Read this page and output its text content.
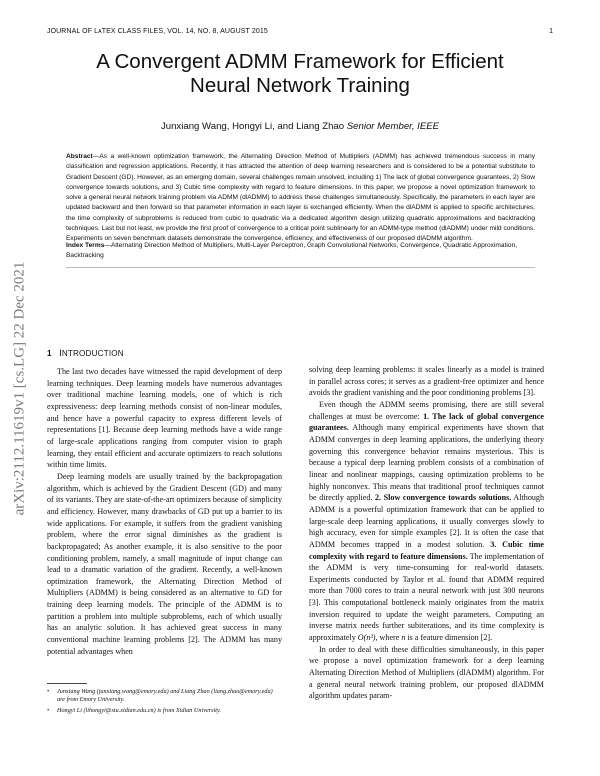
JOURNAL OF LᴀTEX CLASS FILES, VOL. 14, NO. 8, AUGUST 2015	1
arXiv:2112.11619v1 [cs.LG] 22 Dec 2021
A Convergent ADMM Framework for Efficient
Neural Network Training
Junxiang Wang, Hongyi Li, and Liang Zhao Senior Member, IEEE
Abstract—As a well-known optimization framework, the Alternating Direction Method of Multipliers (ADMM) has achieved tremendous success in many classification and regression applications. Recently, it has attracted the attention of deep learning researchers and is considered to be a potential substitute to Gradient Descent (GD). However, as an emerging domain, several challenges remain unsolved, including 1) The lack of global convergence guarantees, 2) Slow convergence towards solutions, and 3) Cubic time complexity with regard to feature dimensions. In this paper, we propose a novel optimization framework to solve a general neural network training problem via ADMM (dlADMM) to address these challenges simultaneously. Specifically, the parameters in each layer are updated backward and then forward so that parameter information in each layer is exchanged efficiently. When the dlADMM is applied to specific architectures, the time complexity of subproblems is reduced from cubic to quadratic via a dedicated algorithm design utilizing quadratic approximations and backtracking techniques. Last but not least, we provide the first proof of convergence to a critical point sublinearly for an ADMM-type method (dlADMM) under mild conditions. Experiments on seven benchmark datasets demonstrate the convergence, efficiency, and effectiveness of our proposed dlADMM algorithm.
Index Terms—Alternating Direction Method of Multipliers, Multi-Layer Perceptron, Graph Convolutional Networks, Convergence, Quadratic Approximation, Backtracking
1 INTRODUCTION

The last two decades have witnessed the rapid development of deep learning techniques. Deep learning models have numerous advantages over traditional machine learning models, one of which is rich expressiveness: deep learning methods consist of non-linear modules, and hence have a powerful capacity to express different levels of representations [1]. Because deep learning methods have a wide range of large-scale applications ranging from computer vision to graph learning, they entail efficient and accurate optimizers to reach solutions within time limits.

Deep learning models are usually trained by the backpropagation algorithm, which is achieved by the Gradient Descent (GD) and many of its variants. They are state-of-the-art optimizers because of simplicity and efficiency. However, many drawbacks of GD put up a barrier to its wide applications. For example, it suffers from the gradient vanishing problem, where the error signal diminishes as the gradient is backpropagated; As another example, it is also sensitive to the poor conditioning problem, namely, a small magnitude of input change can lead to a dramatic variation of the gradient. Recently, a well-known optimization framework, the Alternating Direction Method of Multipliers (ADMM) is being considered as an alternative to GD for training deep learning models. The principle of the ADMM is to partition a problem into multiple subproblems, each of which usually has an analytic solution. It has achieved great success in many conventional machine learning problems [2]. The ADMM has many potential advantages when

solving deep learning problems: it scales linearly as a model is trained in parallel across cores; it serves as a gradient-free optimizer and hence avoids the gradient vanishing and the poor conditioning problems [3].

Even though the ADMM seems promising, there are still several challenges at must be overcome: 1. The lack of global convergence guarantees. Although many empirical experiments have shown that ADMM converges in deep learning applications, the underlying theory governing this convergence behavior remains mysterious. This is because a typical deep learning problem consists of a combination of linear and nonlinear mappings, causing optimization problems to be highly nonconvex. This means that traditional proof techniques cannot be directly applied. 2. Slow convergence towards solutions. Although ADMM is a powerful optimization framework that can be applied to large-scale deep learning applications, it usually converges slowly to high accuracy, even for simple examples [2]. It is often the case that ADMM becomes trapped in a modest solution. 3. Cubic time complexity with regard to feature dimensions. The implementation of the ADMM is very time-consuming for real-world datasets. Experiments conducted by Taylor et al. found that ADMM required more than 7000 cores to train a neural network with just 300 neurons [3]. This computational bottleneck mainly originates from the matrix inversion required to update the weight parameters. Computing an inverse matrix needs further subiterations, and its time complexity is approximately O(n³), where n is a feature dimension [2].

In order to deal with these difficulties simultaneously, in this paper we propose a novel optimization framework for a deep learning Alternating Direction Method of Multipliers (dlADMM) algorithm. For a general neural network training problem, our proposed dlADMM algorithm updates param-

• Junxiang Wang (junxiang.wang@emory.edu) and Liang Zhao (liang.zhao@emory.edu) are from Emory University.
• Hongyi Li (lihongyi@stu.xidian.edu.cn) is from Xidian University.
